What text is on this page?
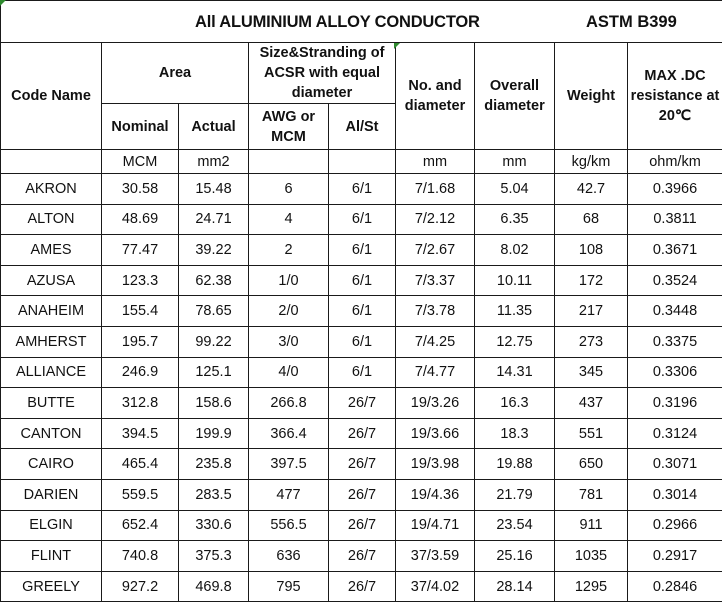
All ALUMINIUM ALLOY CONDUCTOR ASTM B399								

Code Name	Area		Size&Stranding of ACSR with equal diameter		No. and diameter	Overall diameter	Weight	MAX .DC resistance at 20℃
	Nominal	Actual	AWG or MCM	Al/St				
	MCM	mm2			mm	mm	kg/km	ohm/km
AKRON	30.58	15.48	6	6/1	7/1.68	5.04	42.7	0.3966
ALTON	48.69	24.71	4	6/1	7/2.12	6.35	68	0.3811
AMES	77.47	39.22	2	6/1	7/2.67	8.02	108	0.3671
AZUSA	123.3	62.38	1/0	6/1	7/3.37	10.11	172	0.3524
ANAHEIM	155.4	78.65	2/0	6/1	7/3.78	11.35	217	0.3448
AMHERST	195.7	99.22	3/0	6/1	7/4.25	12.75	273	0.3375
ALLIANCE	246.9	125.1	4/0	6/1	7/4.77	14.31	345	0.3306
BUTTE	312.8	158.6	266.8	26/7	19/3.26	16.3	437	0.3196
CANTON	394.5	199.9	366.4	26/7	19/3.66	18.3	551	0.3124
CAIRO	465.4	235.8	397.5	26/7	19/3.98	19.88	650	0.3071
DARIEN	559.5	283.5	477	26/7	19/4.36	21.79	781	0.3014
ELGIN	652.4	330.6	556.5	26/7	19/4.71	23.54	911	0.2966
FLINT	740.8	375.3	636	26/7	37/3.59	25.16	1035	0.2917
GREELY	927.2	469.8	795	26/7	37/4.02	28.14	1295	0.2846
